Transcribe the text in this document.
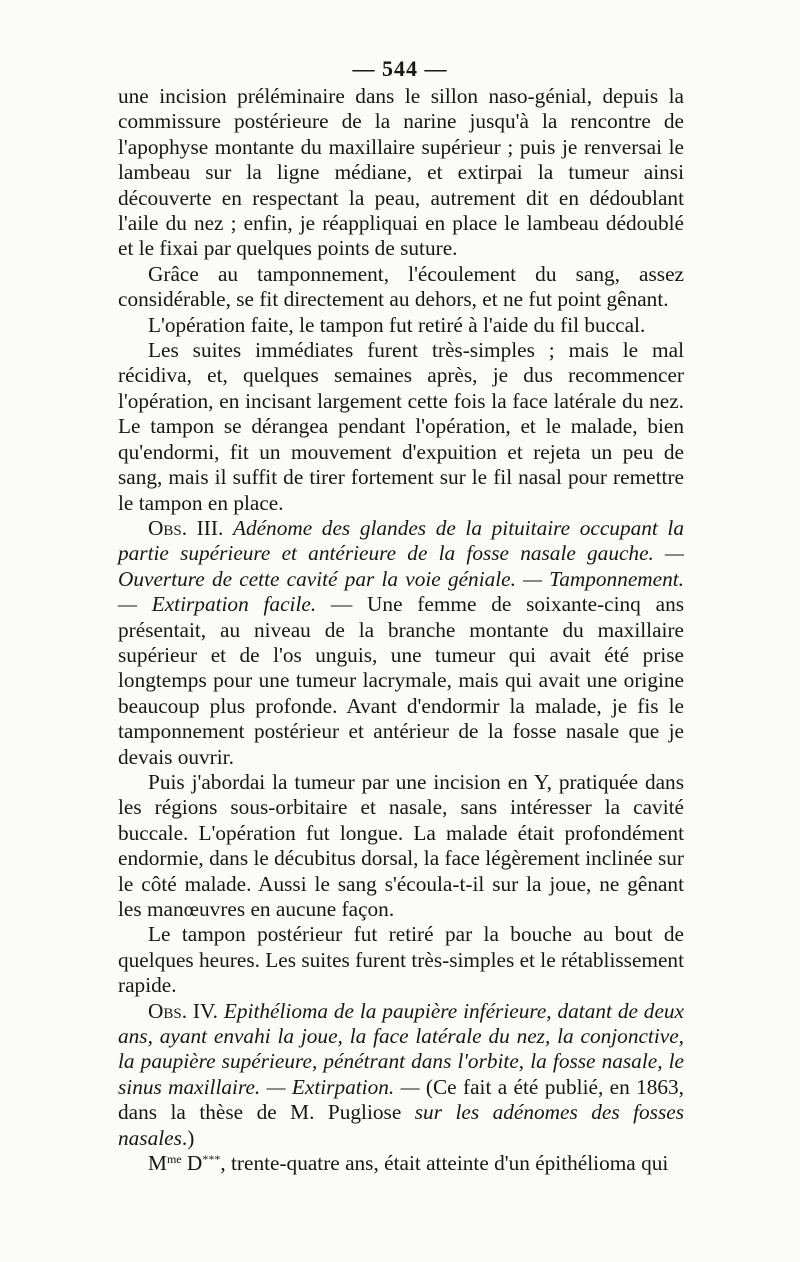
— 544 —

une incision préléminaire dans le sillon naso-génial, depuis la commissure postérieure de la narine jusqu'à la rencontre de l'apophyse montante du maxillaire supérieur ; puis je renversai le lambeau sur la ligne médiane, et extirpai la tumeur ainsi découverte en respectant la peau, autrement dit en dédoublant l'aile du nez ; enfin, je réappliquai en place le lambeau dédoublé et le fixai par quelques points de suture.

Grâce au tamponnement, l'écoulement du sang, assez considérable, se fit directement au dehors, et ne fut point gênant.

L'opération faite, le tampon fut retiré à l'aide du fil buccal.

Les suites immédiates furent très-simples ; mais le mal récidiva, et, quelques semaines après, je dus recommencer l'opération, en incisant largement cette fois la face latérale du nez. Le tampon se dérangea pendant l'opération, et le malade, bien qu'endormi, fit un mouvement d'expuition et rejeta un peu de sang, mais il suffit de tirer fortement sur le fil nasal pour remettre le tampon en place.

Obs. III. Adénome des glandes de la pituitaire occupant la partie supérieure et antérieure de la fosse nasale gauche. — Ouverture de cette cavité par la voie géniale. — Tamponnement. — Extirpation facile. — Une femme de soixante-cinq ans présentait, au niveau de la branche montante du maxillaire supérieur et de l'os unguis, une tumeur qui avait été prise longtemps pour une tumeur lacrymale, mais qui avait une origine beaucoup plus profonde. Avant d'endormir la malade, je fis le tamponnement postérieur et antérieur de la fosse nasale que je devais ouvrir.

Puis j'abordai la tumeur par une incision en Y, pratiquée dans les régions sous-orbitaire et nasale, sans intéresser la cavité buccale. L'opération fut longue. La malade était profondément endormie, dans le décubitus dorsal, la face légèrement inclinée sur le côté malade. Aussi le sang s'écoula-t-il sur la joue, ne gênant les manœuvres en aucune façon.

Le tampon postérieur fut retiré par la bouche au bout de quelques heures. Les suites furent très-simples et le rétablissement rapide.

Obs. IV. Epithélioma de la paupière inférieure, datant de deux ans, ayant envahi la joue, la face latérale du nez, la conjonctive, la paupière supérieure, pénétrant dans l'orbite, la fosse nasale, le sinus maxillaire. — Extirpation. — (Ce fait a été publié, en 1863, dans la thèse de M. Pugliose sur les adénomes des fosses nasales.)

$M^{me}$ D***, trente-quatre ans, était atteinte d'un épithélioma qui
